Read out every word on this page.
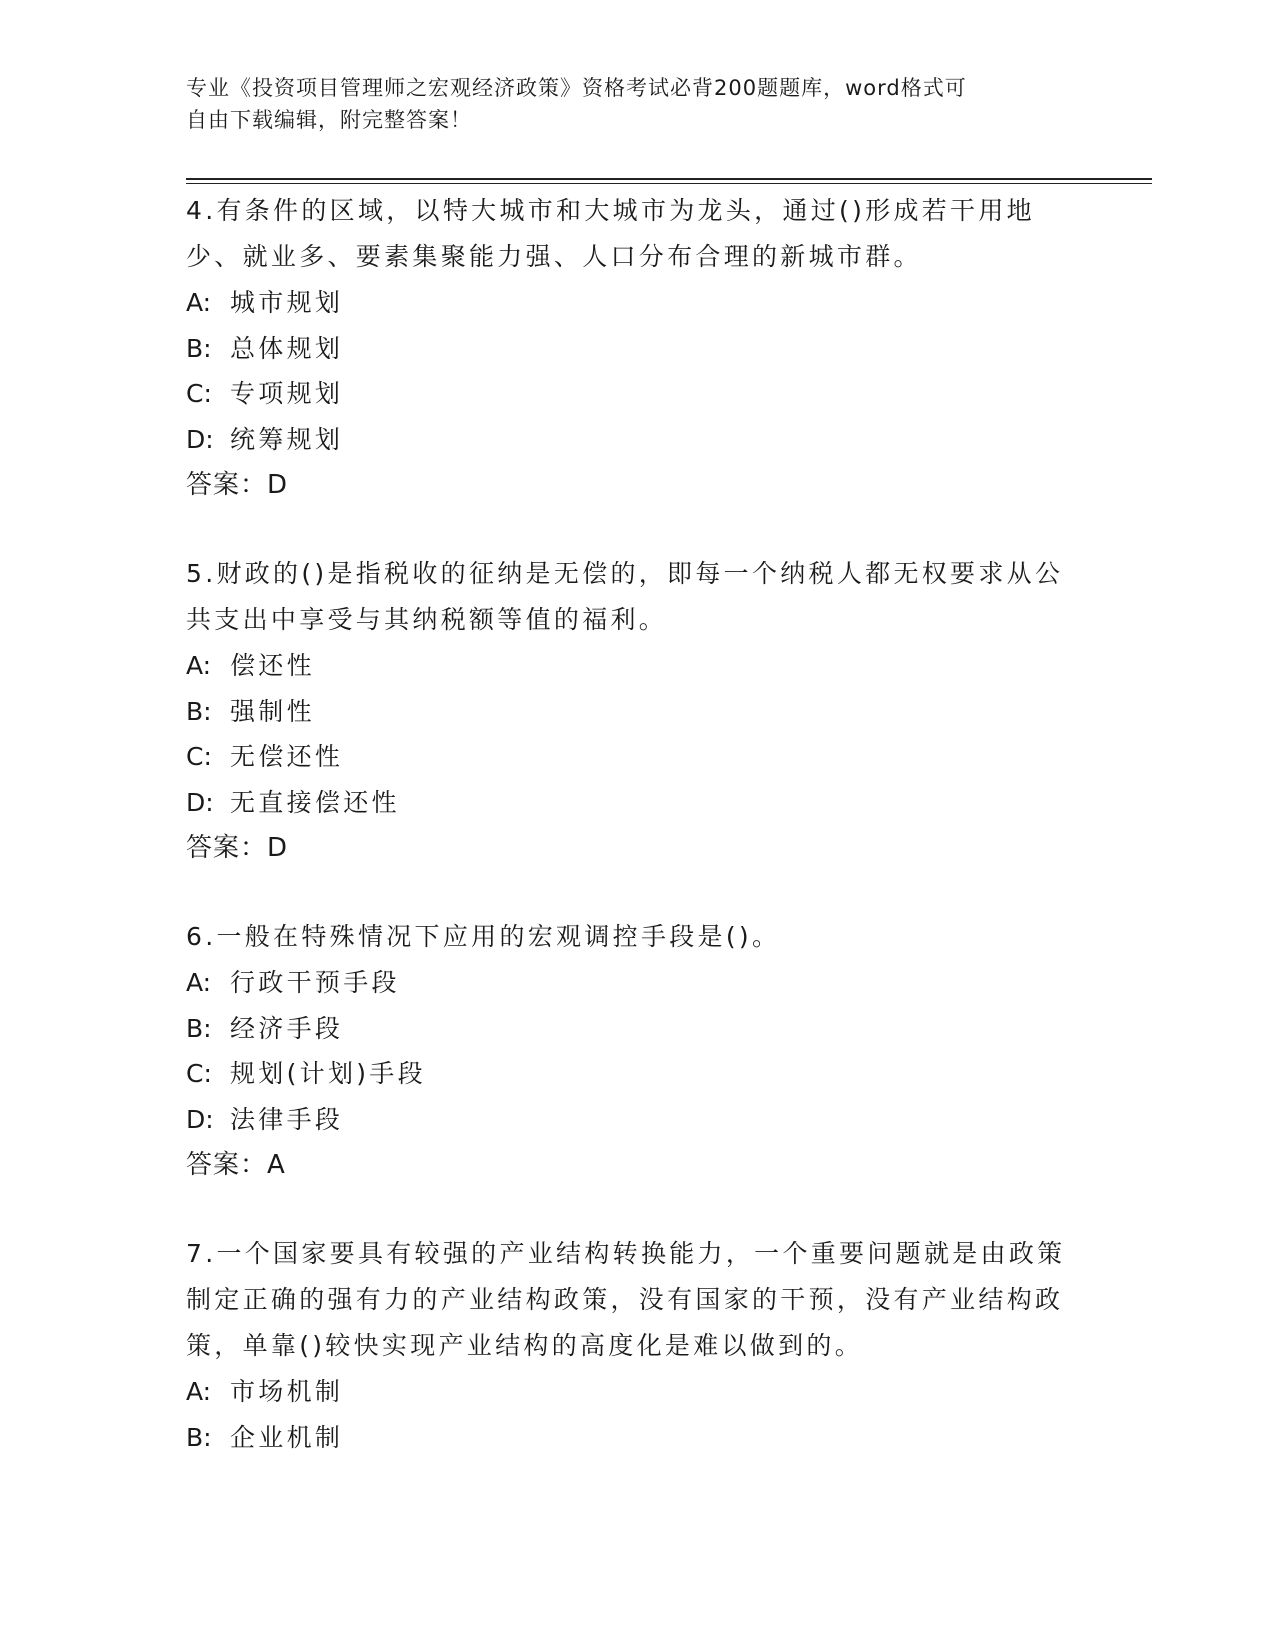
专业《投资项目管理师之宏观经济政策》资格考试必背200题题库，word格式可
自由下载编辑，附完整答案！

4.有条件的区域，以特大城市和大城市为龙头，通过()形成若干用地少、就业多、要素集聚能力强、人口分布合理的新城市群。

A: 城市规划

B: 总体规划

C: 专项规划

D: 统筹规划

答案：D

5.财政的()是指税收的征纳是无偿的，即每一个纳税人都无权要求从公共支出中享受与其纳税额等值的福利。

A: 偿还性

B: 强制性

C: 无偿还性

D: 无直接偿还性

答案：D

6.一般在特殊情况下应用的宏观调控手段是()。

A: 行政干预手段

B: 经济手段

C: 规划(计划)手段

D: 法律手段

答案：A

7.一个国家要具有较强的产业结构转换能力，一个重要问题就是由政策制定正确的强有力的产业结构政策，没有国家的干预，没有产业结构政策，单靠()较快实现产业结构的高度化是难以做到的。

A: 市场机制

B: 企业机制
